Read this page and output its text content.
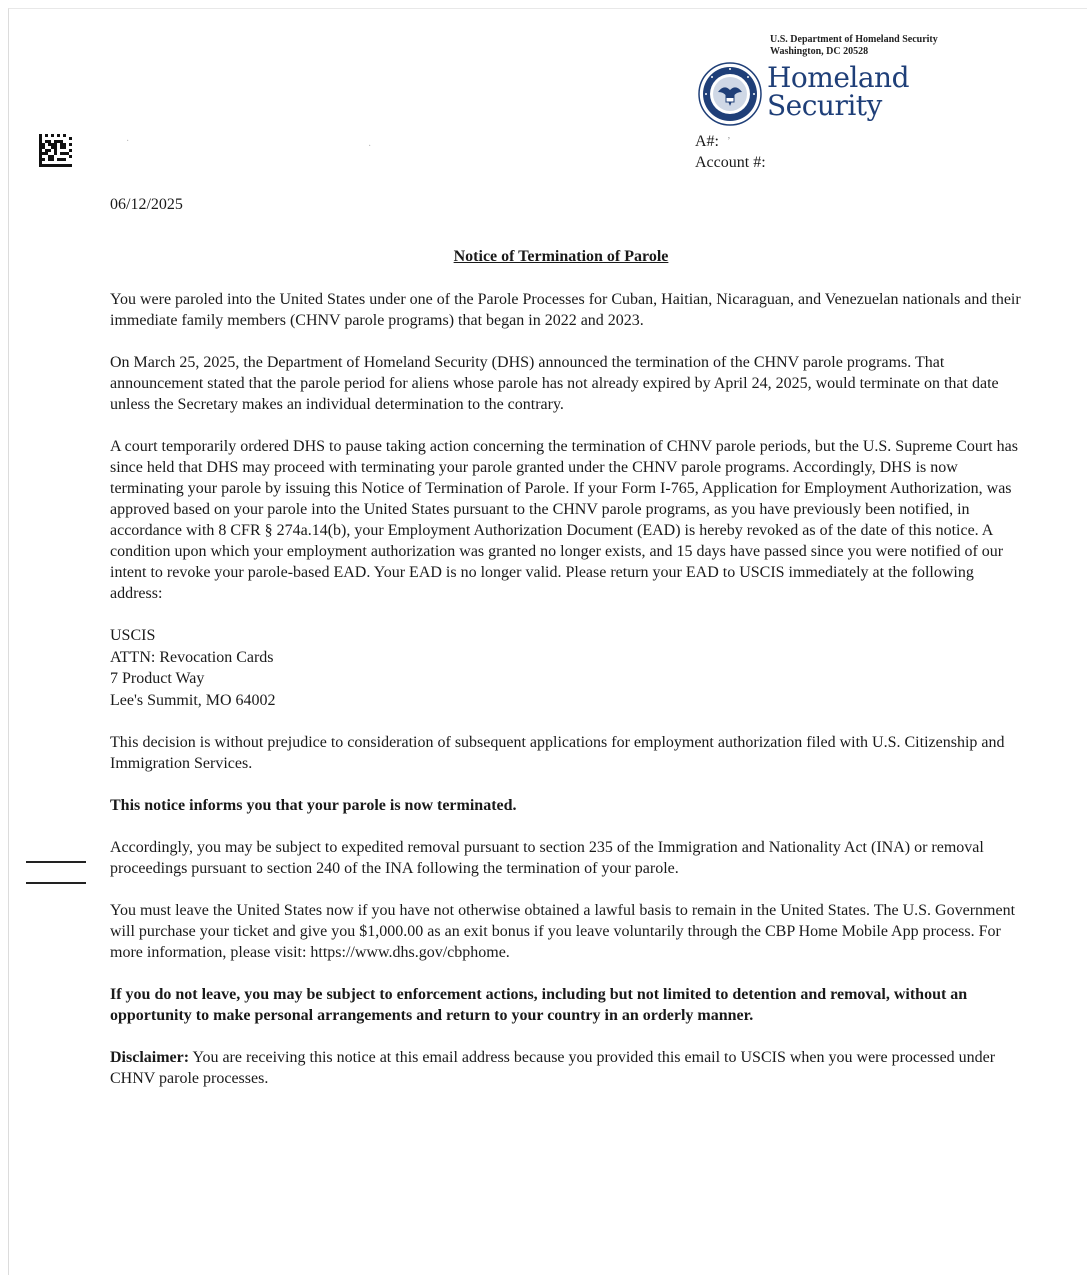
U.S. Department of Homeland Security
Washington, DC 20528
Homeland
Security
·	·	A#: ʼ
Account #:
06/12/2025
Notice of Termination of Parole

You were paroled into the United States under one of the Parole Processes for Cuban, Haitian, Nicaraguan, and Venezuelan nationals and their immediate family members (CHNV parole programs) that began in 2022 and 2023.

On March 25, 2025, the Department of Homeland Security (DHS) announced the termination of the CHNV parole programs. That announcement stated that the parole period for aliens whose parole has not already expired by April 24, 2025, would terminate on that date unless the Secretary makes an individual determination to the contrary.

A court temporarily ordered DHS to pause taking action concerning the termination of CHNV parole periods, but the U.S. Supreme Court has since held that DHS may proceed with terminating your parole granted under the CHNV parole programs. Accordingly, DHS is now terminating your parole by issuing this Notice of Termination of Parole. If your Form I-765, Application for Employment Authorization, was approved based on your parole into the United States pursuant to the CHNV parole programs, as you have previously been notified, in accordance with 8 CFR § 274a.14(b), your Employment Authorization Document (EAD) is hereby revoked as of the date of this notice. A condition upon which your employment authorization was granted no longer exists, and 15 days have passed since you were notified of our intent to revoke your parole-based EAD. Your EAD is no longer valid. Please return your EAD to USCIS immediately at the following address:

USCIS
ATTN: Revocation Cards
7 Product Way
Lee's Summit, MO 64002

This decision is without prejudice to consideration of subsequent applications for employment authorization filed with U.S. Citizenship and Immigration Services.

This notice informs you that your parole is now terminated.

Accordingly, you may be subject to expedited removal pursuant to section 235 of the Immigration and Nationality Act (INA) or removal proceedings pursuant to section 240 of the INA following the termination of your parole.

You must leave the United States now if you have not otherwise obtained a lawful basis to remain in the United States. The U.S. Government will purchase your ticket and give you $1,000.00 as an exit bonus if you leave voluntarily through the CBP Home Mobile App process. For more information, please visit: https://www.dhs.gov/cbphome.

If you do not leave, you may be subject to enforcement actions, including but not limited to detention and removal, without an opportunity to make personal arrangements and return to your country in an orderly manner.

Disclaimer: You are receiving this notice at this email address because you provided this email to USCIS when you were processed under CHNV parole processes.
